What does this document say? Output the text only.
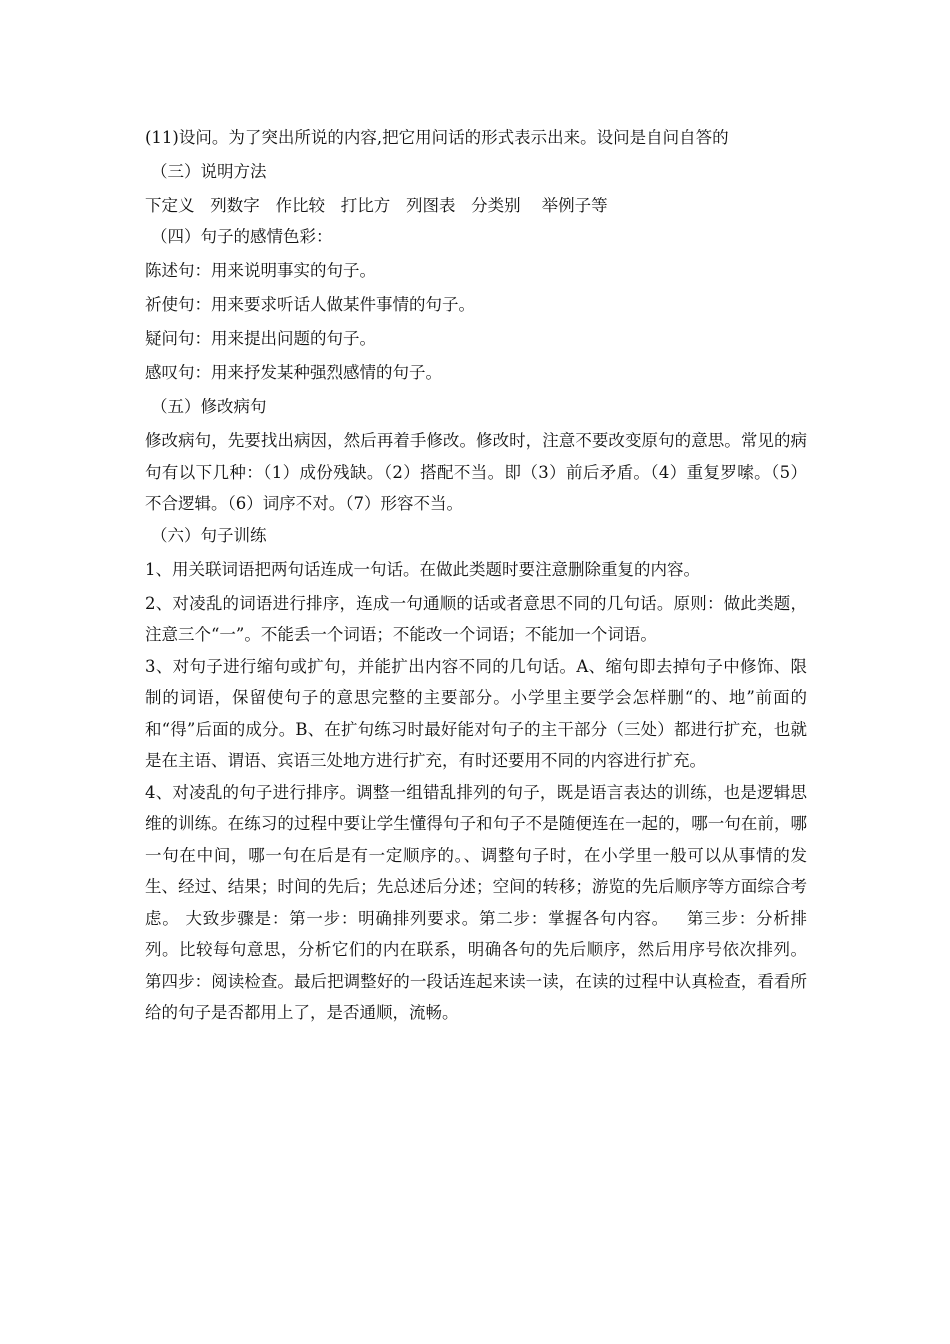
(11)设问。为了突出所说的内容,把它用问话的形式表示出来。设问是自问自答的

（三）说明方法

下定义   列数字   作比较   打比方   列图表   分类别    举例子等

（四）句子的感情色彩：

陈述句：用来说明事实的句子。

祈使句：用来要求听话人做某件事情的句子。

疑问句：用来提出问题的句子。

感叹句：用来抒发某种强烈感情的句子。

（五）修改病句

修改病句，先要找出病因，然后再着手修改。修改时，注意不要改变原句的意思。常见的病句有以下几种：（1）成份残缺。（2）搭配不当。即（3）前后矛盾。（4）重复罗嗦。（5）不合逻辑。（6）词序不对。（7）形容不当。

（六）句子训练

1、用关联词语把两句话连成一句话。在做此类题时要注意删除重复的内容。

2、对凌乱的词语进行排序，连成一句通顺的话或者意思不同的几句话。原则：做此类题，注意三个“一”。不能丢一个词语；不能改一个词语；不能加一个词语。

3、对句子进行缩句或扩句，并能扩出内容不同的几句话。A、缩句即去掉句子中修饰、限制的词语，保留使句子的意思完整的主要部分。小学里主要学会怎样删“的、地”前面的和“得”后面的成分。B、在扩句练习时最好能对句子的主干部分（三处）都进行扩充，也就是在主语、谓语、宾语三处地方进行扩充，有时还要用不同的内容进行扩充。

4、对凌乱的句子进行排序。调整一组错乱排列的句子，既是语言表达的训练，也是逻辑思维的训练。在练习的过程中要让学生懂得句子和句子不是随便连在一起的，哪一句在前，哪一句在中间，哪一句在后是有一定顺序的。、调整句子时，在小学里一般可以从事情的发生、经过、结果；时间的先后；先总述后分述；空间的转移；游览的先后顺序等方面综合考虑。 大致步骤是：第一步：明确排列要求。第二步：掌握各句内容。   第三步：分析排列。比较每句意思，分析它们的内在联系，明确各句的先后顺序，然后用序号依次排列。   第四步：阅读检查。最后把调整好的一段话连起来读一读，在读的过程中认真检查，看看所给的句子是否都用上了，是否通顺，流畅。
